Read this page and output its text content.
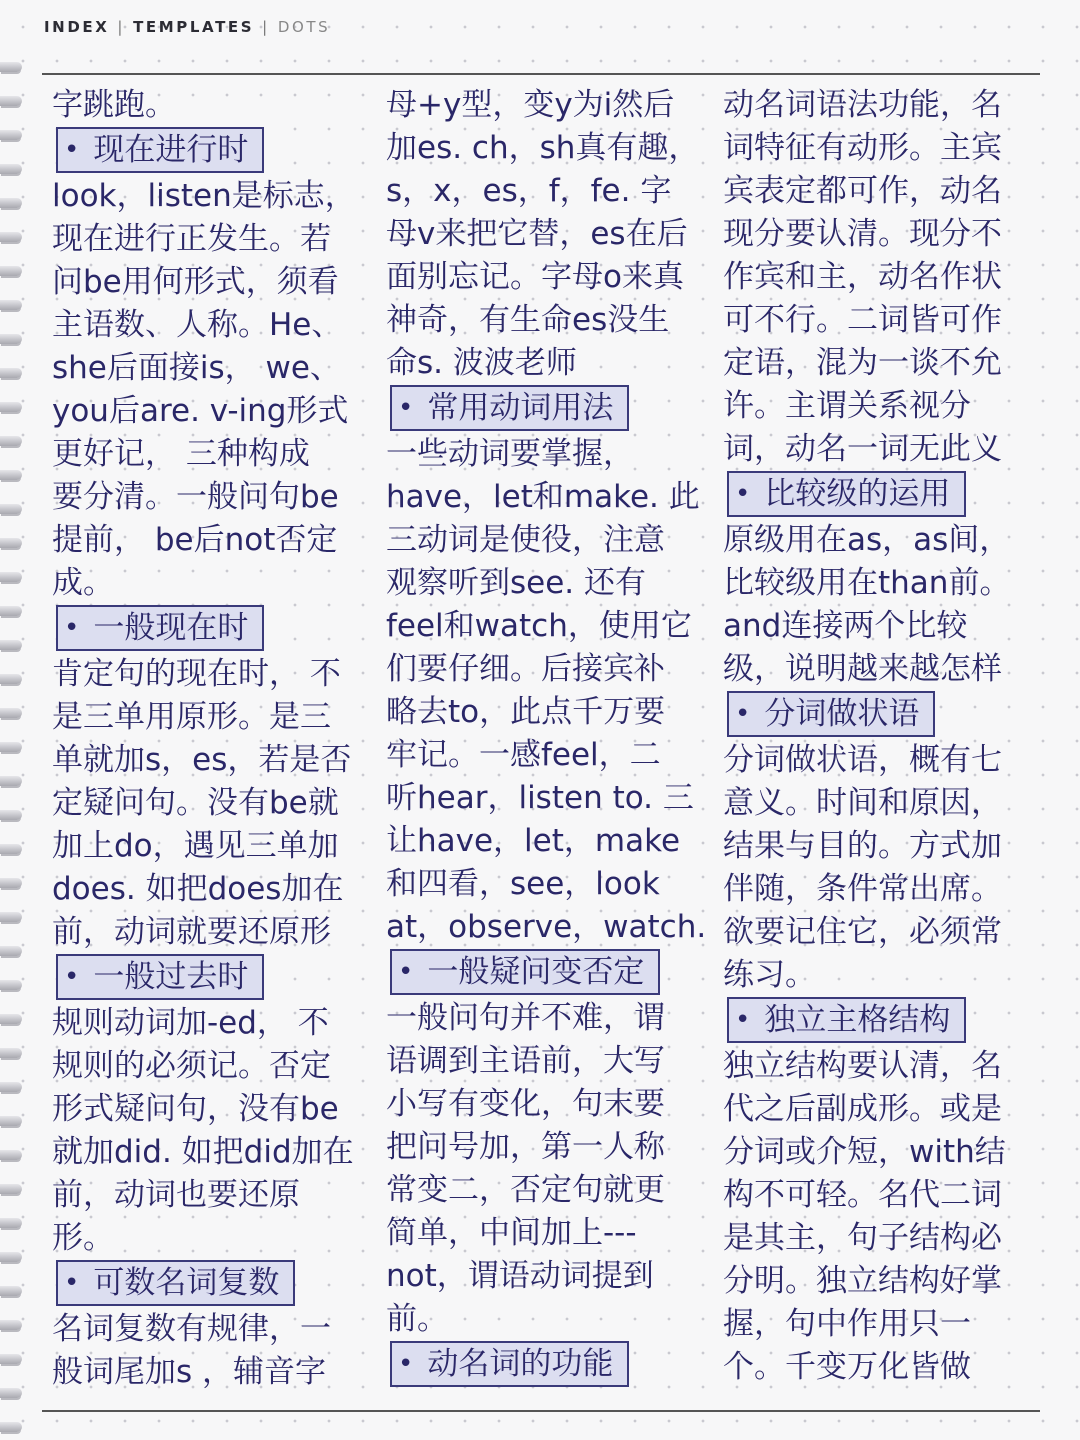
INDEX | TEMPLATES | DOTS
字跳跑。
• 现在进行时
look，listen是标志，
现在进行正发生。若
问be用何形式，须看
主语数、人称。He、
she后面接is， we、
you后are. v-ing形式
更好记， 三种构成
要分清。一般问句be
提前， be后not否定
成。
• 一般现在时
肯定句的现在时， 不
是三单用原形。是三
单就加s，es，若是否
定疑问句。没有be就
加上do，遇见三单加
does. 如把does加在
前，动词就要还原形
• 一般过去时
规则动词加-ed， 不
规则的必须记。否定
形式疑问句，没有be
就加did. 如把did加在
前，动词也要还原
形。
• 可数名词复数
名词复数有规律，一
般词尾加s ，辅音字
母+y型，变y为i然后
加es. ch，sh真有趣，
s，x，es，f，fe. 字
母v来把它替，es在后
面别忘记。字母o来真
神奇，有生命es没生
命s. 波波老师
• 常用动词用法
一些动词要掌握，
have，let和make. 此
三动词是使役，注意
观察听到see. 还有
feel和watch，使用它
们要仔细。后接宾补
略去to，此点千万要
牢记。一感feel，二
听hear，listen to. 三
让have，let，make
和四看，see，look
at，observe，watch.
• 一般疑问变否定
一般问句并不难，谓
语调到主语前，大写
小写有变化，句末要
把问号加，第一人称
常变二，否定句就更
简单，中间加上---
not，谓语动词提到
前。
• 动名词的功能
动名词语法功能，名
词特征有动形。主宾
宾表定都可作，动名
现分要认清。现分不
作宾和主，动名作状
可不行。二词皆可作
定语，混为一谈不允
许。主谓关系视分
词，动名一词无此义
• 比较级的运用
原级用在as，as间，
比较级用在than前。
and连接两个比较
级，说明越来越怎样
• 分词做状语
分词做状语，概有七
意义。时间和原因，
结果与目的。方式加
伴随，条件常出席。
欲要记住它，必须常
练习。
• 独立主格结构
独立结构要认清，名
代之后副成形。或是
分词或介短，with结
构不可轻。名代二词
是其主，句子结构必
分明。独立结构好掌
握，句中作用只一
个。千变万化皆做
